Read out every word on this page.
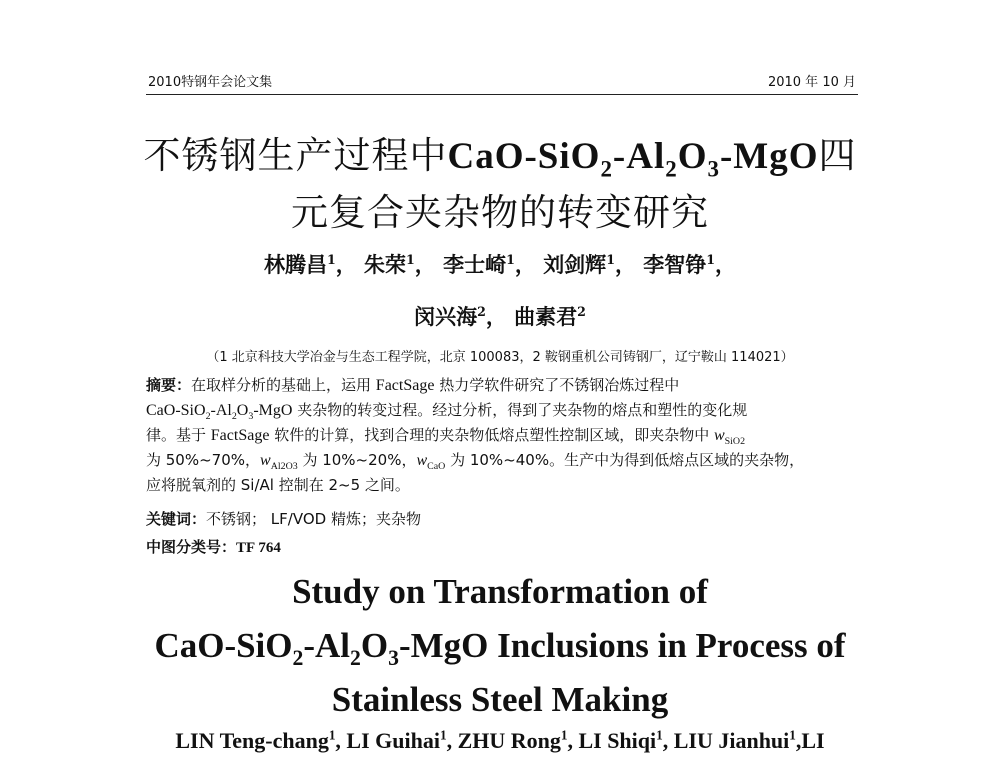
2010特钢年会论文集	2010 年 10 月
不锈钢生产过程中CaO-$SiO_2-Al_2O_3$-MgO四
元复合夹杂物的转变研究
林腾昌$^1$， 朱荣$^1$， 李士崎$^1$， 刘剑辉$^1$， 李智铮$^1$，
闵兴海$^2$， 曲素君$^2$
（1 北京科技大学冶金与生态工程学院，北京 100083，2 鞍钢重机公司铸钢厂，辽宁鞍山 114021）
摘要：在取样分析的基础上，运用 FactSage 热力学软件研究了不锈钢冶炼过程中
CaO-$SiO_2-Al_2O_3$-MgO 夹杂物的转变过程。经过分析，得到了夹杂物的熔点和塑性的变化规
律。基于 FactSage 软件的计算，找到合理的夹杂物低熔点塑性控制区域，即夹杂物中 $w_{SiO2}$
为 50%~70%，$w_{Al2O3}$ 为 10%~20%，$w_{CaO}$ 为 10%~40%。生产中为得到低熔点区域的夹杂物，
应将脱氧剂的 Si/Al 控制在 2~5 之间。
关键词：不锈钢； LF/VOD 精炼；夹杂物
中图分类号：TF 764
Study on Transformation of
CaO-$SiO_2-Al_2O_3$-MgO Inclusions in Process of
Stainless Steel Making
LIN Teng-chang$^1$, LI Guihai$^1$, ZHU Rong$^1$, LI Shiqi$^1$, LIU Jianhui$^1$,LI
